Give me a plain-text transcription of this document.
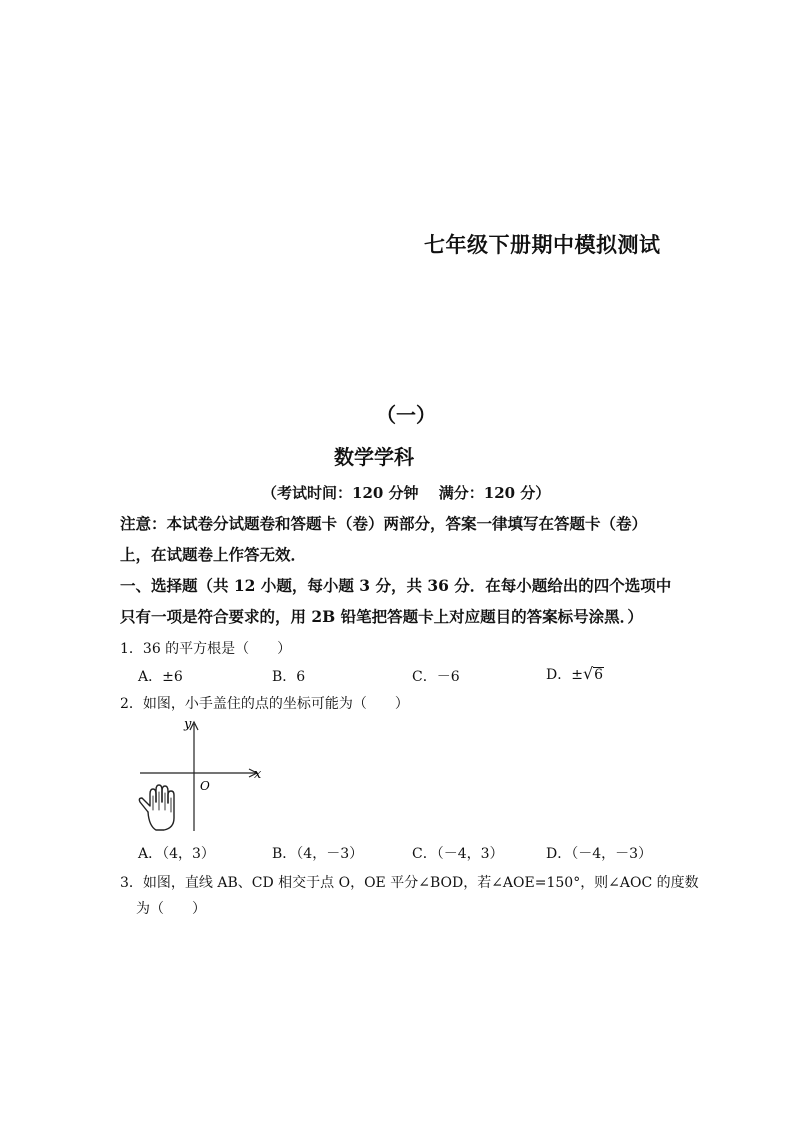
七年级下册期中模拟测试
（一）
数学学科
（考试时间：120 分钟　 满分：120 分）
注意：本试卷分试题卷和答题卡（卷）两部分，答案一律填写在答题卡（卷）
上，在试题卷上作答无效．
一、选择题（共 12 小题，每小题 3 分，共 36 分．在每小题给出的四个选项中
只有一项是符合要求的，用 2B 铅笔把答题卡上对应题目的答案标号涂黑．）
1．36 的平方根是（　　）
A．±6	B．6	C．－6	D．±√6
2．如图，小手盖住的点的坐标可能为（　　）
y
x
O
A．（4，3）	B．（4，－3）	C．（－4，3）	D．（－4，－3）
3．如图，直线 AB、CD 相交于点 O，OE 平分∠BOD，若∠AOE=150°，则∠AOC 的度数
为（　　）
